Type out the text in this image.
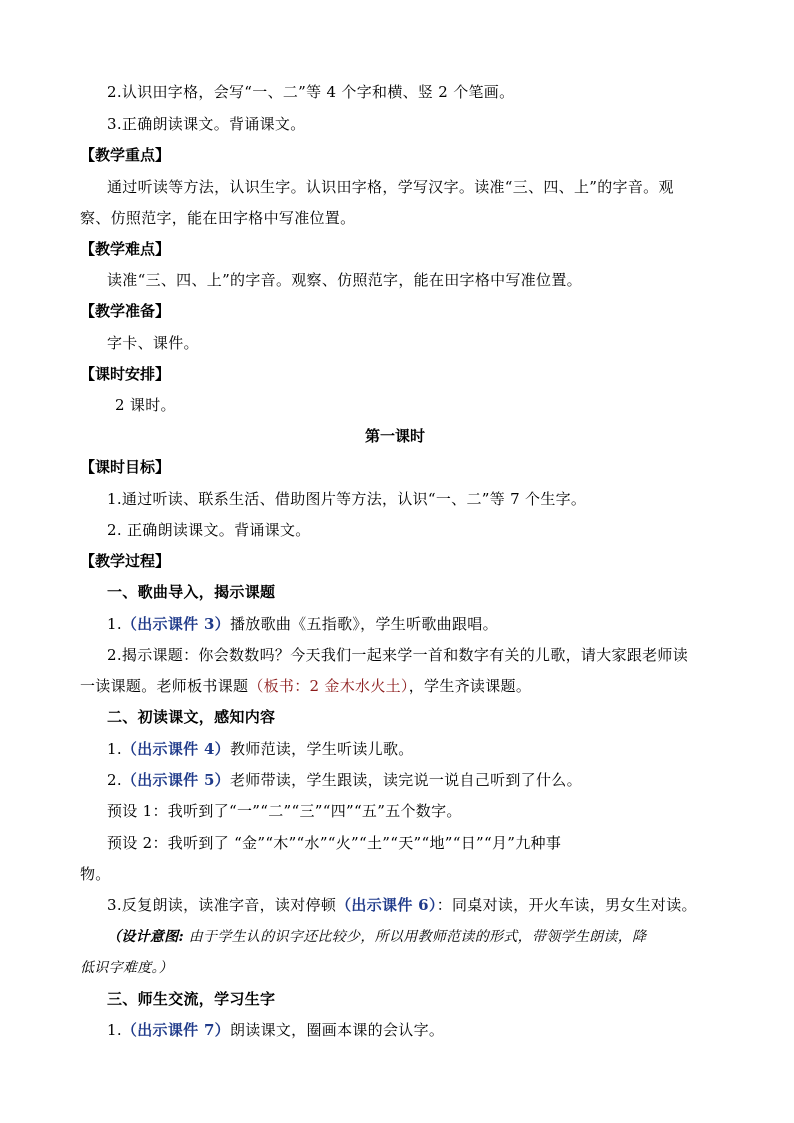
2.认识田字格，会写“一、二”等 4 个字和横、竖 2 个笔画。
3.正确朗读课文。背诵课文。
【教学重点】
通过听读等方法，认识生字。认识田字格，学写汉字。读准“三、四、上”的字音。观
察、仿照范字，能在田字格中写准位置。
【教学难点】
读准“三、四、上”的字音。观察、仿照范字，能在田字格中写准位置。
【教学准备】
字卡、课件。
【课时安排】
2 课时。
第一课时
【课时目标】
1.通过听读、联系生活、借助图片等方法，认识“一、二”等 7 个生字。
2. 正确朗读课文。背诵课文。
【教学过程】
一、歌曲导入，揭示课题
1.（出示课件 3）播放歌曲《五指歌》，学生听歌曲跟唱。
2.揭示课题：你会数数吗？今天我们一起来学一首和数字有关的儿歌，请大家跟老师读
一读课题。老师板书课题（板书：2 金木水火土），学生齐读课题。
二、初读课文，感知内容
1.（出示课件 4）教师范读，学生听读儿歌。
2.（出示课件 5）老师带读，学生跟读，读完说一说自己听到了什么。
预设 1：我听到了“一”“二”“三”“四”“五”五个数字。
预设 2：我听到了 “金”“木”“水”“火”“土”“天”“地”“日”“月”九种事
物。
3.反复朗读，读准字音，读对停顿（出示课件 6）：同桌对读，开火车读，男女生对读。
（设计意图: 由于学生认的识字还比较少，所以用教师范读的形式，带领学生朗读，降
低识字难度。）
三、师生交流，学习生字
1.（出示课件 7）朗读课文，圈画本课的会认字。
